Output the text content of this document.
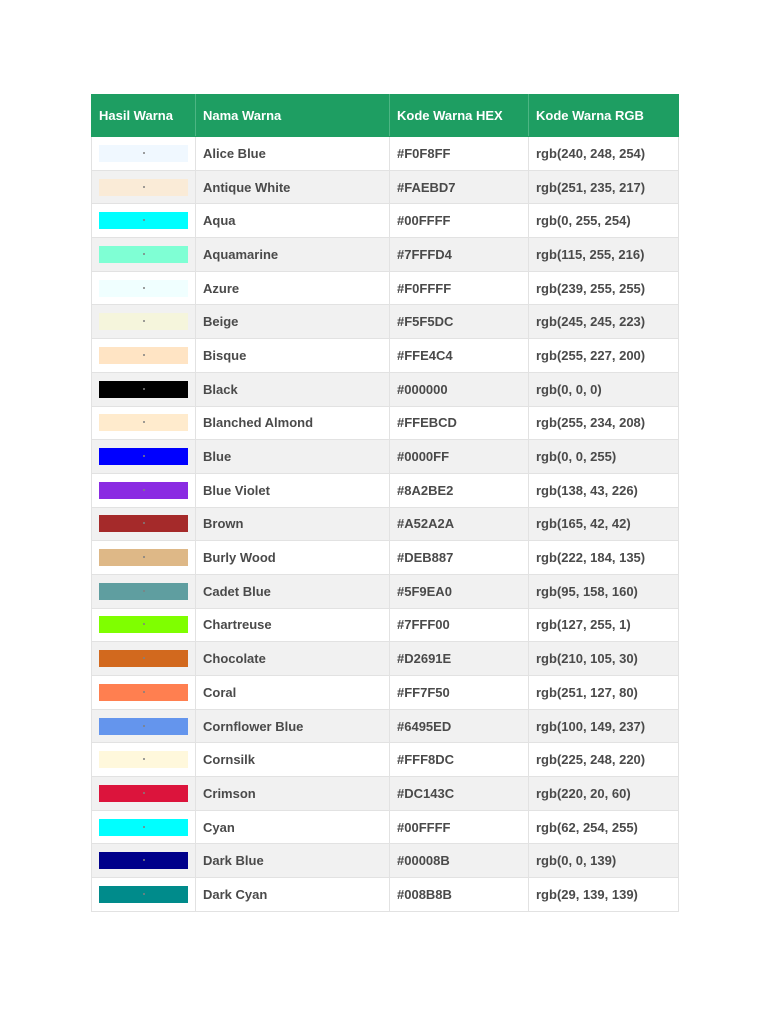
Hasil Warna	Nama Warna	Kode Warna HEX	Kode Warna RGB

	Alice Blue	#F0F8FF	rgb(240, 248, 254)

	Antique White	#FAEBD7	rgb(251, 235, 217)

	Aqua	#00FFFF	rgb(0, 255, 254)

	Aquamarine	#7FFFD4	rgb(115, 255, 216)

	Azure	#F0FFFF	rgb(239, 255, 255)

	Beige	#F5F5DC	rgb(245, 245, 223)

	Bisque	#FFE4C4	rgb(255, 227, 200)

	Black	#000000	rgb(0, 0, 0)

	Blanched Almond	#FFEBCD	rgb(255, 234, 208)

	Blue	#0000FF	rgb(0, 0, 255)

	Blue Violet	#8A2BE2	rgb(138, 43, 226)

	Brown	#A52A2A	rgb(165, 42, 42)

	Burly Wood	#DEB887	rgb(222, 184, 135)

	Cadet Blue	#5F9EA0	rgb(95, 158, 160)

	Chartreuse	#7FFF00	rgb(127, 255, 1)

	Chocolate	#D2691E	rgb(210, 105, 30)

	Coral	#FF7F50	rgb(251, 127, 80)

	Cornflower Blue	#6495ED	rgb(100, 149, 237)

	Cornsilk	#FFF8DC	rgb(225, 248, 220)

	Crimson	#DC143C	rgb(220, 20, 60)

	Cyan	#00FFFF	rgb(62, 254, 255)

	Dark Blue	#00008B	rgb(0, 0, 139)

	Dark Cyan	#008B8B	rgb(29, 139, 139)
